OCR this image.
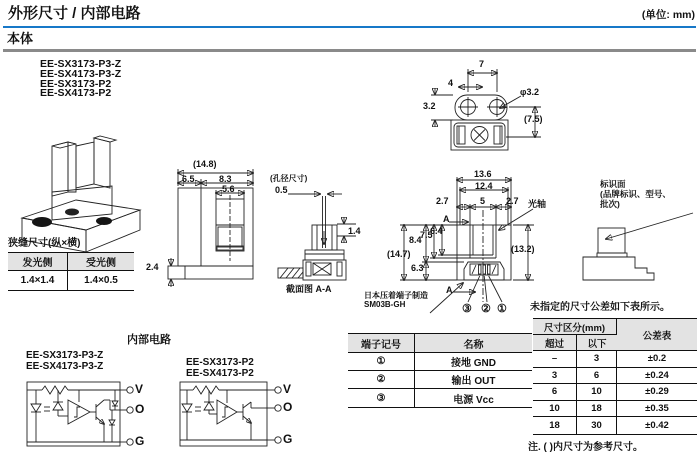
外形尺寸 / 内部电路	(单位: mm)
本体
EE-SX3173-P3-Z
EE-SX4173-P3-Z
EE-SX3173-P2
EE-SX4173-P2
狭缝尺寸(纵×横)
发光侧	受光侧
1.4×1.4	1.4×0.5
(14.8)
6.5	8.3
5.6
2.4
(孔径尺寸)
0.5
1.4
截面图 A-A
7
4
3.2
φ3.2
(7.5)
13.6
12.4
2.7	5 2.7
A
光轴
(13.2)
6.4
7.5
8.4
(14.7)
6.3
A
③ ② ①
日本压着端子制造
SM03B-GH
标识面
(品牌标识、型号、
批次)
未指定的尺寸公差如下表所示。
尺寸区分(mm)
超过	以下
公差表
–	3	±0.2
3	6	±0.24
6	10	±0.29
10	18	±0.35
18	30	±0.42
注. ( )内尺寸为参考尺寸。
端子记号	名称
①	接地 GND
②	输出 OUT
③	电源 Vcc
内部电路
EE-SX3173-P3-Z
EE-SX4173-P3-Z
V
O
G
EE-SX3173-P2
EE-SX4173-P2
V
O
G
